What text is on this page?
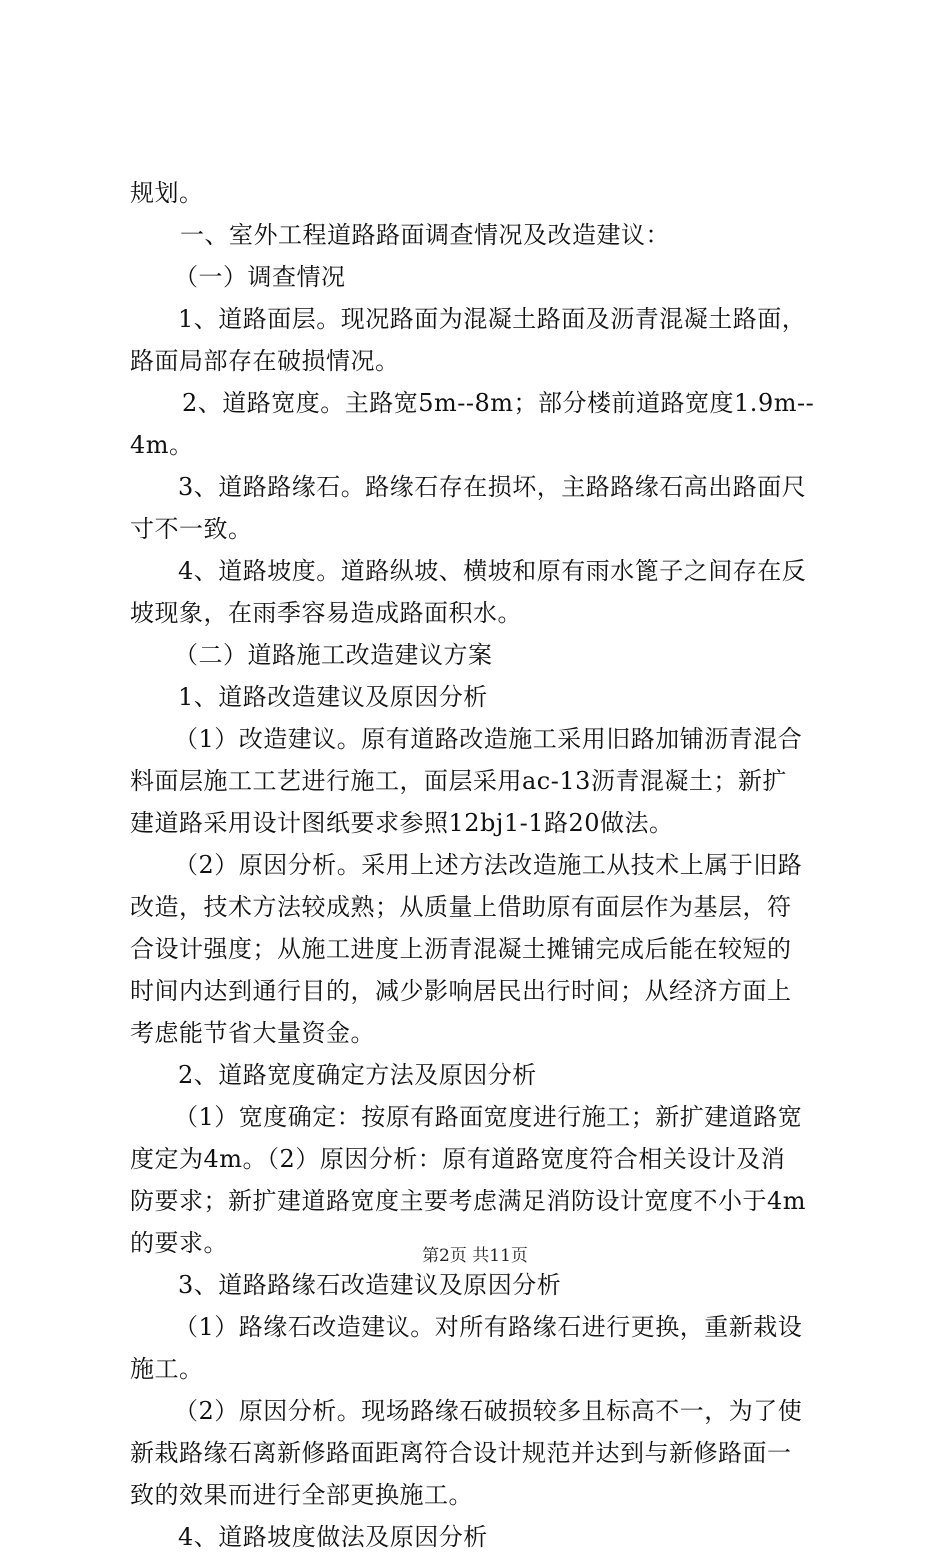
规划。
一、室外工程道路路面调查情况及改造建议：
（一）调查情况
1、道路面层。现况路面为混凝土路面及沥青混凝土路面，
路面局部存在破损情况。
2、道路宽度。主路宽5m--8m；部分楼前道路宽度1.9m--
4m。
3、道路路缘石。路缘石存在损坏，主路路缘石高出路面尺
寸不一致。
4、道路坡度。道路纵坡、横坡和原有雨水篦子之间存在反
坡现象，在雨季容易造成路面积水。
（二）道路施工改造建议方案
1、道路改造建议及原因分析
（1）改造建议。原有道路改造施工采用旧路加铺沥青混合
料面层施工工艺进行施工，面层采用ac-13沥青混凝土；新扩
建道路采用设计图纸要求参照12bj1-1路20做法。
（2）原因分析。采用上述方法改造施工从技术上属于旧路
改造，技术方法较成熟；从质量上借助原有面层作为基层，符
合设计强度；从施工进度上沥青混凝土摊铺完成后能在较短的
时间内达到通行目的，减少影响居民出行时间；从经济方面上
考虑能节省大量资金。
2、道路宽度确定方法及原因分析
（1）宽度确定：按原有路面宽度进行施工；新扩建道路宽
度定为4m。（2）原因分析：原有道路宽度符合相关设计及消
防要求；新扩建道路宽度主要考虑满足消防设计宽度不小于4m
的要求。
3、道路路缘石改造建议及原因分析
（1）路缘石改造建议。对所有路缘石进行更换，重新栽设
施工。
（2）原因分析。现场路缘石破损较多且标高不一，为了使
新栽路缘石离新修路面距离符合设计规范并达到与新修路面一
致的效果而进行全部更换施工。
4、道路坡度做法及原因分析
第2页 共11页
